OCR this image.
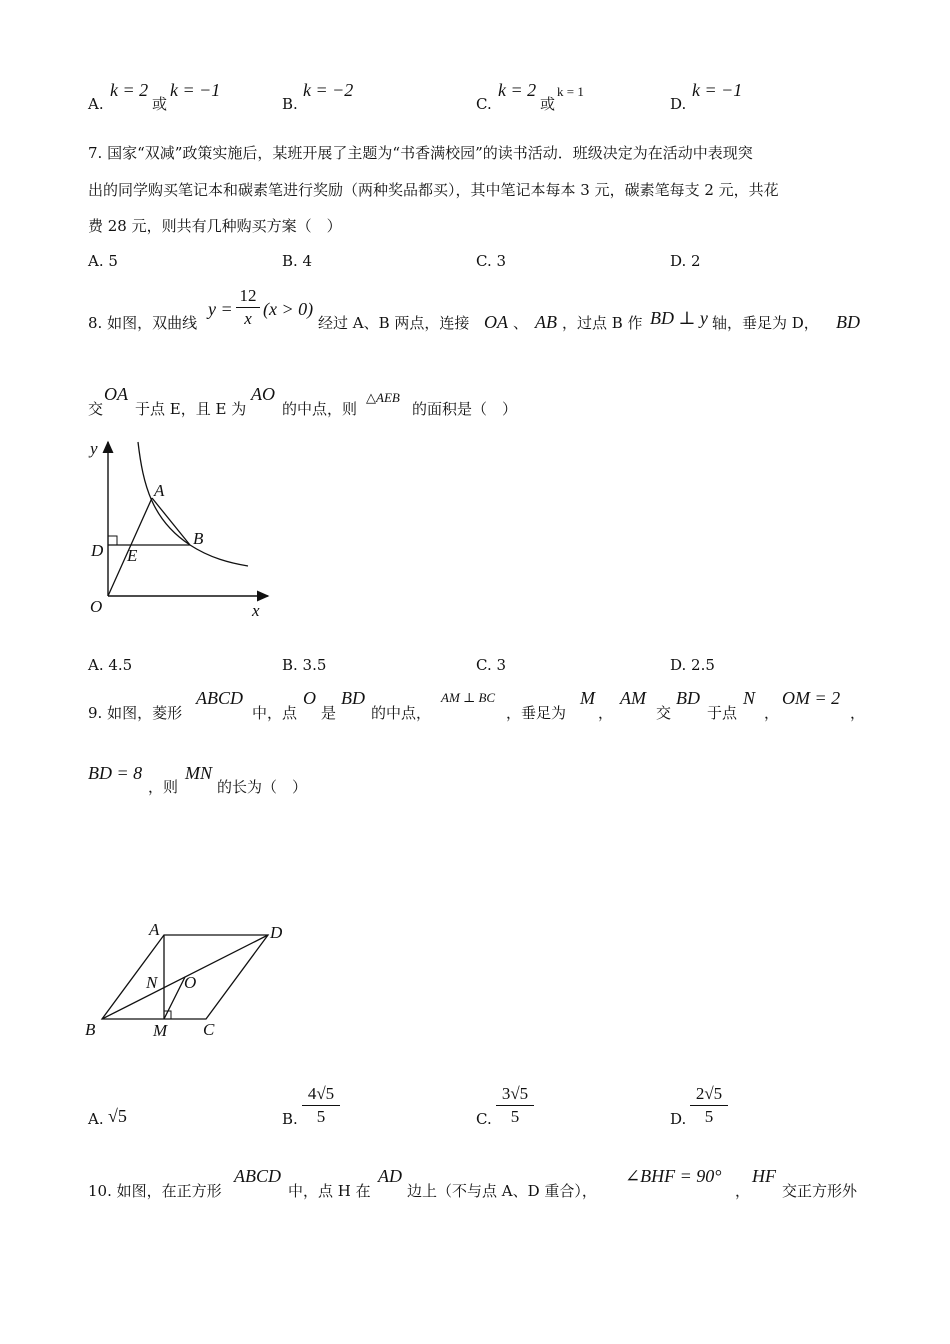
A.
k = 2
或
k = −1
B.
k = −2
C.
k = 2
或
k = 1
D.
k = −1
7. 国家“双减”政策实施后，某班开展了主题为“书香满校园”的读书活动．班级决定为在活动中表现突
出的同学购买笔记本和碳素笔进行奖励（两种奖品都买），其中笔记本每本 3 元，碳素笔每支 2 元，共花
费 28 元，则共有几种购买方案（　）
A. 5	B. 4	C. 3	D. 2
8. 如图，双曲线
y =
12
x (x > 0)
经过 A、B 两点，连接 OA 、 AB ，过点 B 作 BD ⊥ y 轴，垂足为 D， BD
交
OA
于点 E，且 E 为
AO
的中点，则
△AEB
的面积是（　）
y
x
O
A
B
D E
A. 4.5	B. 3.5	C. 3	D. 2.5
9. 如图，菱形
ABCD
中，点
O
是
BD
的中点，
AM ⊥ BC
，垂足为
M
，
AM
交
BD
于点
N
，
OM = 2
，
BD = 8
，则
MN
的长为（　）
A	D
B	M C
N O
A. √5	B.
4√5
5	C.
3√5
5	D.
2√5
5
10. 如图，在正方形
ABCD
中，点 H 在
AD
边上（不与点 A、D 重合），
∠BHF = 90°
，
HF
交正方形外
